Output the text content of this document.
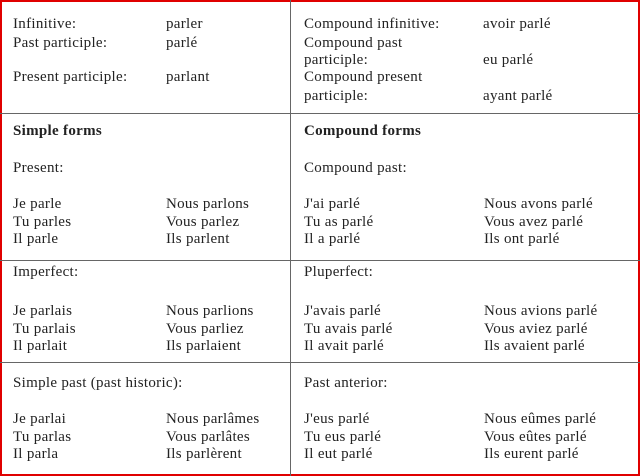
Infinitive:	parler
Past participle:	parlé
Present participle:	parlant
Compound infinitive:	avoir parlé
Compound past
participle:	eu parlé
Compound present
participle:	ayant parlé
Simple forms	Compound forms
Present:
Je parle	Nous parlons
Tu parles	Vous parlez
Il parle	Ils parlent
Compound past:
J'ai parlé	Nous avons parlé
Tu as parlé	Vous avez parlé
Il a parlé	Ils ont parlé
Imperfect:
Je parlais	Nous parlions
Tu parlais	Vous parliez
Il parlait	Ils parlaient
Pluperfect:
J'avais parlé	Nous avions parlé
Tu avais parlé	Vous aviez parlé
Il avait parlé	Ils avaient parlé
Simple past (past historic):
Je parlai	Nous parlâmes
Tu parlas	Vous parlâtes
Il parla	Ils parlèrent
Past anterior:
J'eus parlé	Nous eûmes parlé
Tu eus parlé	Vous eûtes parlé
Il eut parlé	Ils eurent parlé
